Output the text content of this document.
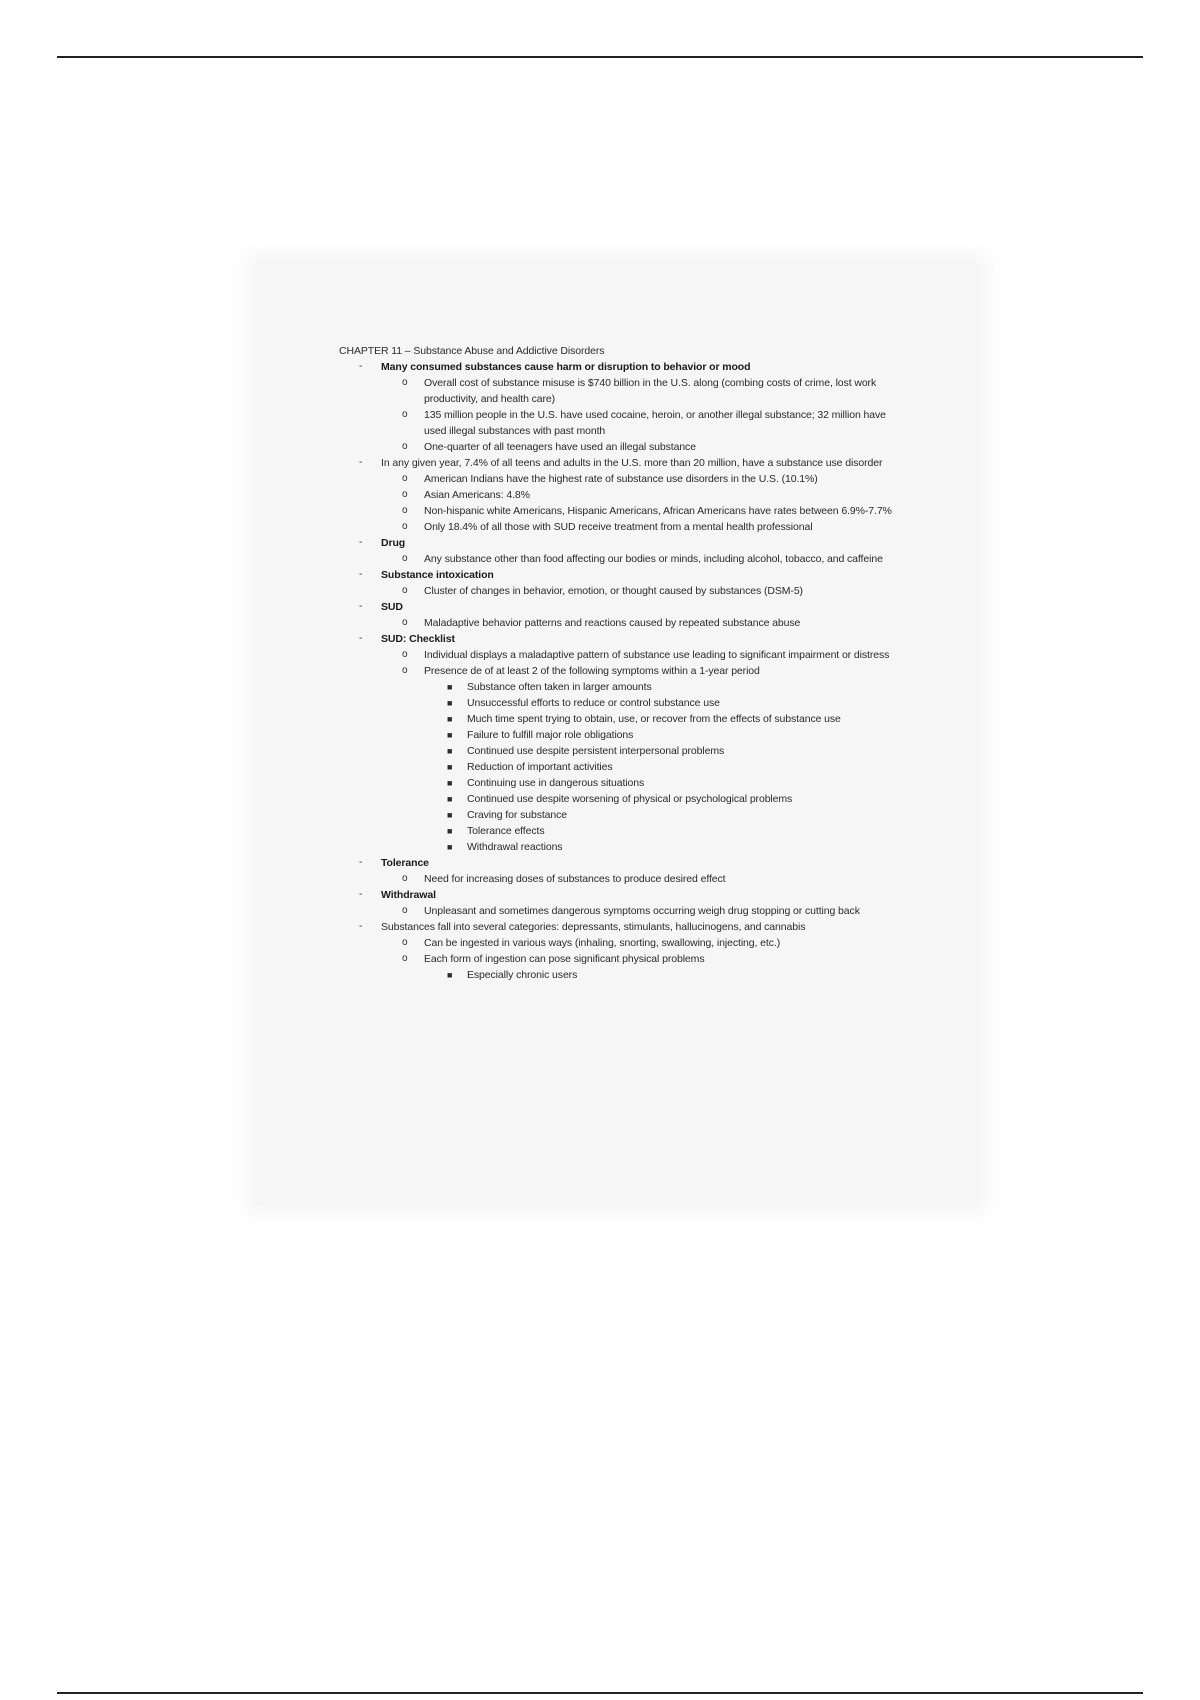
CHAPTER 11 – Substance Abuse and Addictive Disorders
- Many consumed substances cause harm or disruption to behavior or mood
o Overall cost of substance misuse is $740 billion in the U.S. along (combing costs of crime, lost work productivity, and health care)
o 135 million people in the U.S. have used cocaine, heroin, or another illegal substance; 32 million have used illegal substances with past month
o One-quarter of all teenagers have used an illegal substance
- In any given year, 7.4% of all teens and adults in the U.S. more than 20 million, have a substance use disorder
o American Indians have the highest rate of substance use disorders in the U.S. (10.1%)
o Asian Americans: 4.8%
o Non-hispanic white Americans, Hispanic Americans, African Americans have rates between 6.9%-7.7%
o Only 18.4% of all those with SUD receive treatment from a mental health professional
- Drug
o Any substance other than food affecting our bodies or minds, including alcohol, tobacco, and caffeine
- Substance intoxication
o Cluster of changes in behavior, emotion, or thought caused by substances (DSM-5)
- SUD
o Maladaptive behavior patterns and reactions caused by repeated substance abuse
- SUD: Checklist
o Individual displays a maladaptive pattern of substance use leading to significant impairment or distress
o Presence de of at least 2 of the following symptoms within a 1-year period
■ Substance often taken in larger amounts
■ Unsuccessful efforts to reduce or control substance use
■ Much time spent trying to obtain, use, or recover from the effects of substance use
■ Failure to fulfill major role obligations
■ Continued use despite persistent interpersonal problems
■ Reduction of important activities
■ Continuing use in dangerous situations
■ Continued use despite worsening of physical or psychological problems
■ Craving for substance
■ Tolerance effects
■ Withdrawal reactions
- Tolerance
o Need for increasing doses of substances to produce desired effect
- Withdrawal
o Unpleasant and sometimes dangerous symptoms occurring weigh drug stopping or cutting back
- Substances fall into several categories: depressants, stimulants, hallucinogens, and cannabis
o Can be ingested in various ways (inhaling, snorting, swallowing, injecting, etc.)
o Each form of ingestion can pose significant physical problems
■ Especially chronic users
